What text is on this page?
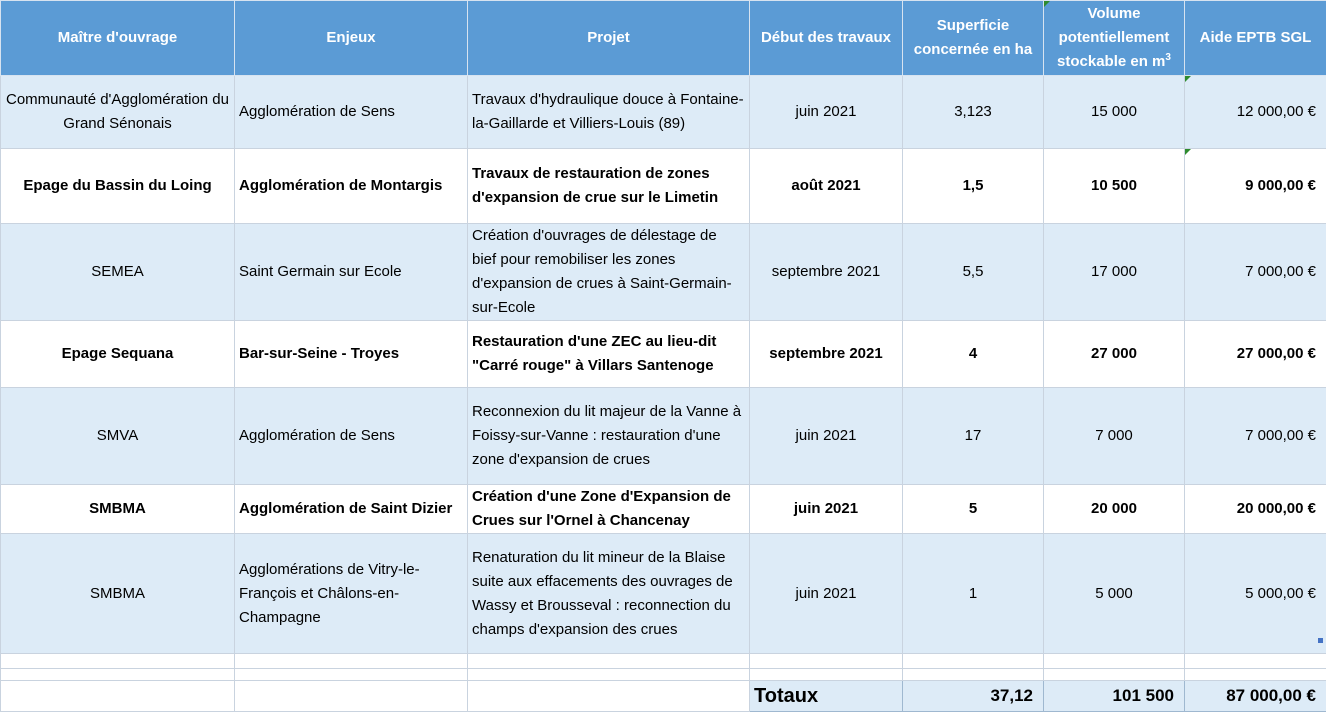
Maître d'ouvrage	Enjeux	Projet	Début des travaux	Superficie concernée en ha	Volume potentiellement stockable en $m^3$	Aide EPTB SGL
Communauté d'Agglomération du Grand Sénonais	Agglomération de Sens	Travaux d'hydraulique douce à Fontaine-la-Gaillarde et Villiers-Louis (89)	juin 2021	3,123	15 000	12 000,00 €
Epage du Bassin du Loing	Agglomération de Montargis	Travaux de restauration de zones d'expansion de crue sur le Limetin	août 2021	1,5	10 500	9 000,00 €
SEMEA	Saint Germain sur Ecole	Création d'ouvrages de délestage de bief pour remobiliser les zones d'expansion de crues à Saint-Germain-sur-Ecole	septembre 2021	5,5	17 000	7 000,00 €
Epage Sequana	Bar-sur-Seine - Troyes	Restauration d'une ZEC au lieu-dit "Carré rouge" à Villars Santenoge	septembre 2021	4	27 000	27 000,00 €
SMVA	Agglomération de Sens	Reconnexion du lit majeur de la Vanne à Foissy-sur-Vanne : restauration d'une zone d'expansion de crues	juin 2021	17	7 000	7 000,00 €
SMBMA	Agglomération de Saint Dizier	Création d'une Zone d'Expansion de Crues sur l'Ornel à Chancenay	juin 2021	5	20 000	20 000,00 €
SMBMA	Agglomérations de Vitry-le-François et Châlons-en-Champagne	Renaturation du lit mineur de la Blaise suite aux effacements des ouvrages de Wassy et Brousseval : reconnection du champs d'expansion des crues	juin 2021	1	5 000	5 000,00 €

			Totaux	37,12	101 500	87 000,00 €
